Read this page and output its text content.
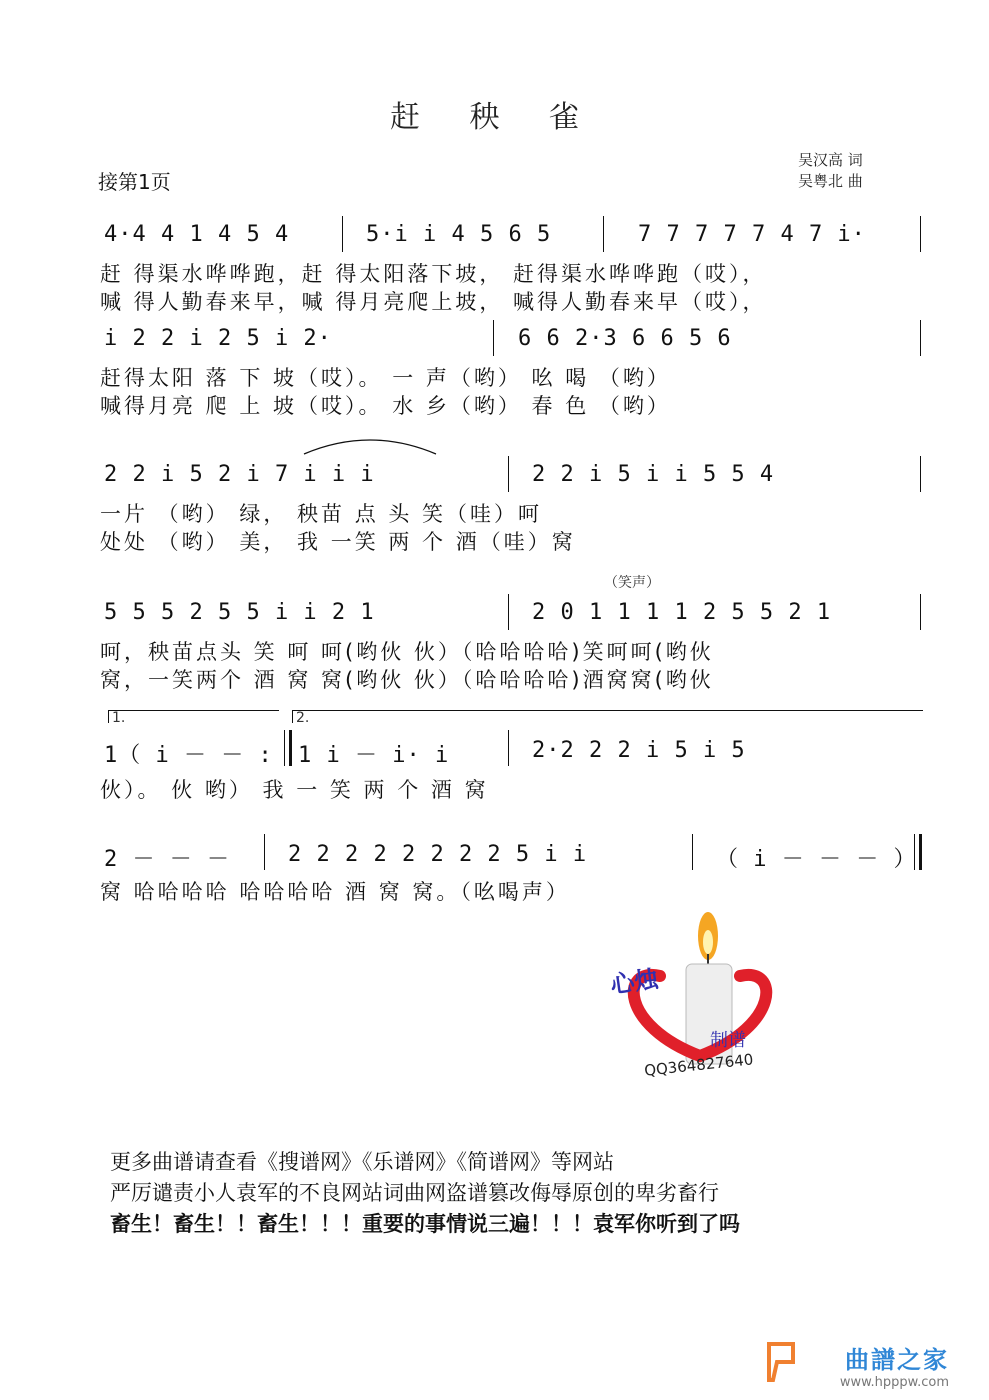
赶 秧 雀
吴汉高 词
吴粤北 曲
接第1页
4·4 4 1 4 5 4	5·i i 4 5 6 5	7 7 7 7 7 4 7 i·
赶 得渠水哗哗跑，赶 得太阳落下坡， 赶得渠水哗哗跑（哎），
喊 得人勤春来早，喊 得月亮爬上坡， 喊得人勤春来早（哎），
i 2 2 i 2 5 i 2·	6 6 2·3 6 6 5 6
赶得太阳 落 下 坡（哎）。 一 声（哟） 吆 喝 （哟）
喊得月亮 爬 上 坡（哎）。 水 乡（哟） 春 色 （哟）
2 2 i 5 2 i 7 i i i	2 2 i 5 i i 5 5 4
一片 （哟） 绿， 秧苗 点 头 笑（哇）呵
处处 （哟） 美， 我 一笑 两 个 酒（哇）窝
（笑声）
5 5 5 2 5 5 i i 2 1	2 0 1 1 1 1 2 5 5 2 1
呵，秧苗点头 笑 呵 呵(哟伙 伙）（哈哈哈哈)笑呵呵(哟伙
窝，一笑两个 酒 窝 窝(哟伙 伙）（哈哈哈哈)酒窝窝(哟伙
1.	2.
1（ i － － : 1 i － i· i	2·2 2 2 i 5 i 5
伙）。 伙 哟） 我 一 笑 两 个 酒 窝
2 － － －	2 2 2 2 2 2 2 2 5 i i	（ i － － － ）
窝 哈哈哈哈 哈哈哈哈 酒 窝 窝。（吆喝声）
心烛
制谱
QQ364827640
更多曲谱请查看《搜谱网》《乐谱网》《简谱网》等网站
严厉谴责小人袁军的不良网站词曲网盗谱篡改侮辱原创的卑劣畜行
畜生！畜生！！畜生！！！重要的事情说三遍！！！袁军你听到了吗
曲譜之家
www.hpppw.com
